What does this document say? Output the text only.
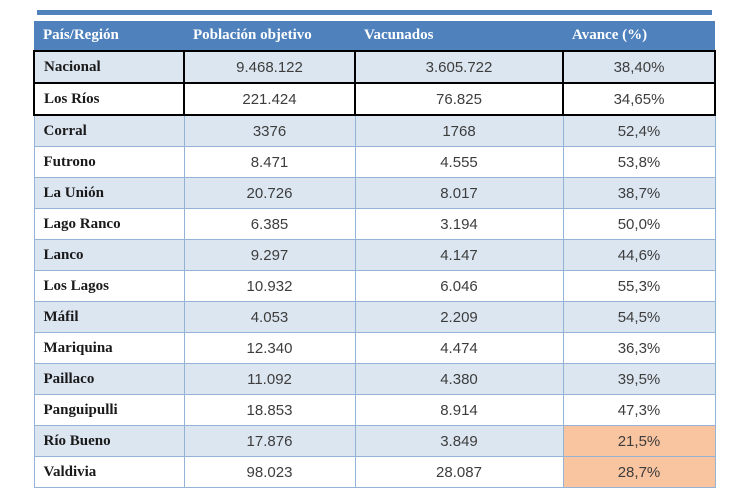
País/Región	Población objetivo	Vacunados	Avance (%)
Nacional	9.468.122	3.605.722	38,40%
Los Ríos	221.424	76.825	34,65%
Corral	3376	1768	52,4%
Futrono	8.471	4.555	53,8%
La Unión	20.726	8.017	38,7%
Lago Ranco	6.385	3.194	50,0%
Lanco	9.297	4.147	44,6%
Los Lagos	10.932	6.046	55,3%
Máfil	4.053	2.209	54,5%
Mariquina	12.340	4.474	36,3%
Paillaco	11.092	4.380	39,5%
Panguipulli	18.853	8.914	47,3%
Río Bueno	17.876	3.849	21,5%
Valdivia	98.023	28.087	28,7%
